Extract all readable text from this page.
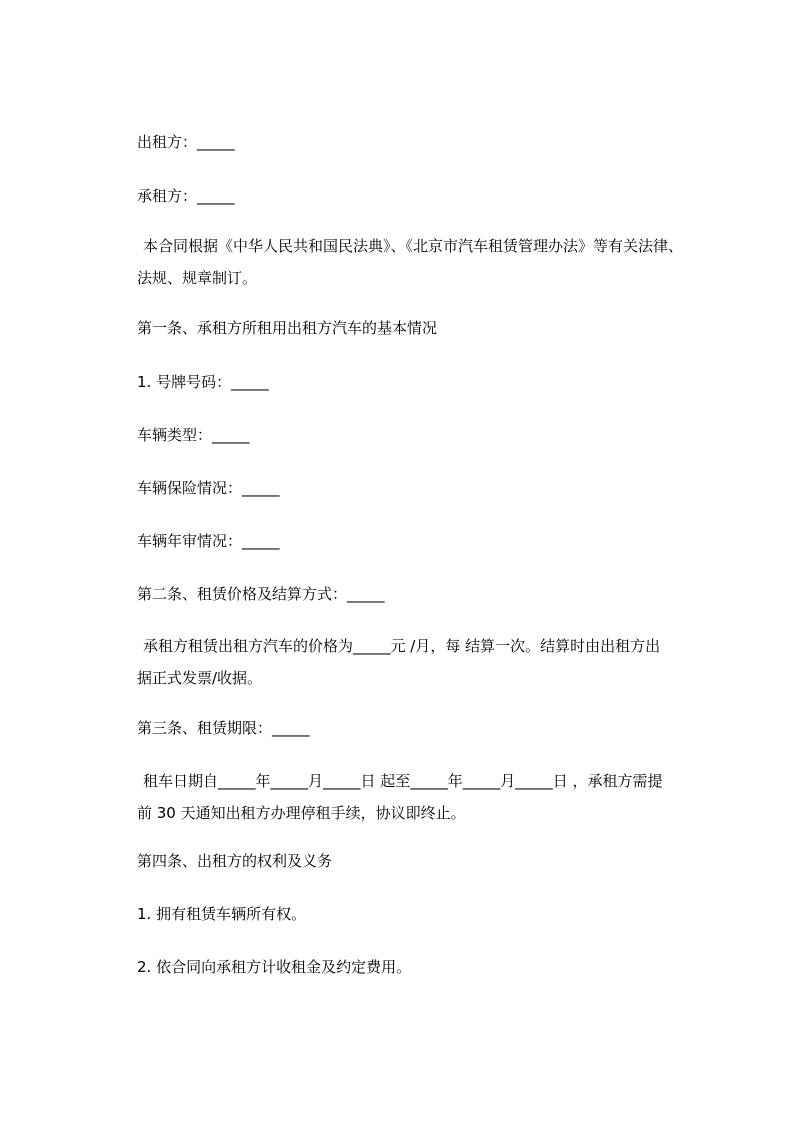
出租方：_____
承租方：_____
本合同根据《中华人民共和国民法典》、《北京市汽车租赁管理办法》等有关法律、
法规、规章制订。
第一条、承租方所租用出租方汽车的基本情况
1. 号牌号码：_____
车辆类型：_____
车辆保险情况：_____
车辆年审情况：_____
第二条、租赁价格及结算方式：_____
承租方租赁出租方汽车的价格为_____元 /月，每 结算一次。结算时由出租方出
据正式发票/收据。
第三条、租赁期限：_____
租车日期自_____年_____月_____日 起至_____年_____月_____日 ，承租方需提
前 30 天通知出租方办理停租手续，协议即终止。
第四条、出租方的权利及义务
1. 拥有租赁车辆所有权。
2. 依合同向承租方计收租金及约定费用。
